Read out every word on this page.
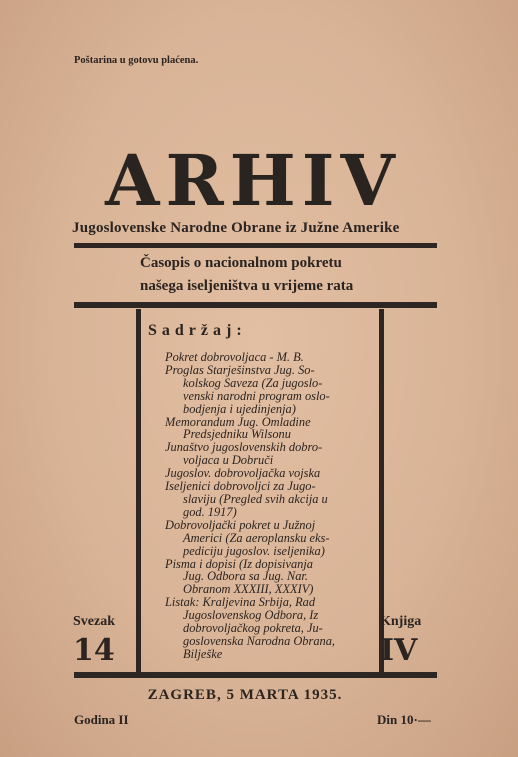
Poštarina u gotovu plaćena.
ARHIV
Jugoslovenske Narodne Obrane iz Južne Amerike
Časopis o nacionalnom pokretu
našega iseljeništva u vrijeme rata
Sadržaj:
Pokret dobrovoljaca - M. B.
Proglas Starješinstva Jug. So-
kolskog Saveza (Za jugoslo-
venski narodni program oslo-
bodjenja i ujedinjenja)
Memorandum Jug. Omladine
Predsjedniku Wilsonu
Junaštvo jugoslovenskih dobro-
voljaca u Dobruči
Jugoslov. dobrovoljačka vojska
Iseljenici dobrovoljci za Jugo-
slaviju (Pregled svih akcija u
god. 1917)
Dobrovoljački pokret u Južnoj
Americi (Za aeroplansku eks-
pediciju jugoslov. iseljenika)
Pisma i dopisi (Iz dopisivanja
Jug. Odbora sa Jug. Nar.
Obranom XXXIII, XXXIV)
Listak: Kraljevina Srbija, Rad
Jugoslovenskog Odbora, Iz
dobrovoljačkog pokreta, Ju-
goslovenska Narodna Obrana,
Bilješke
Svezak
14
Knjiga
IV
ZAGREB, 5 MARTA 1935.
Godina II	Din 10·—
